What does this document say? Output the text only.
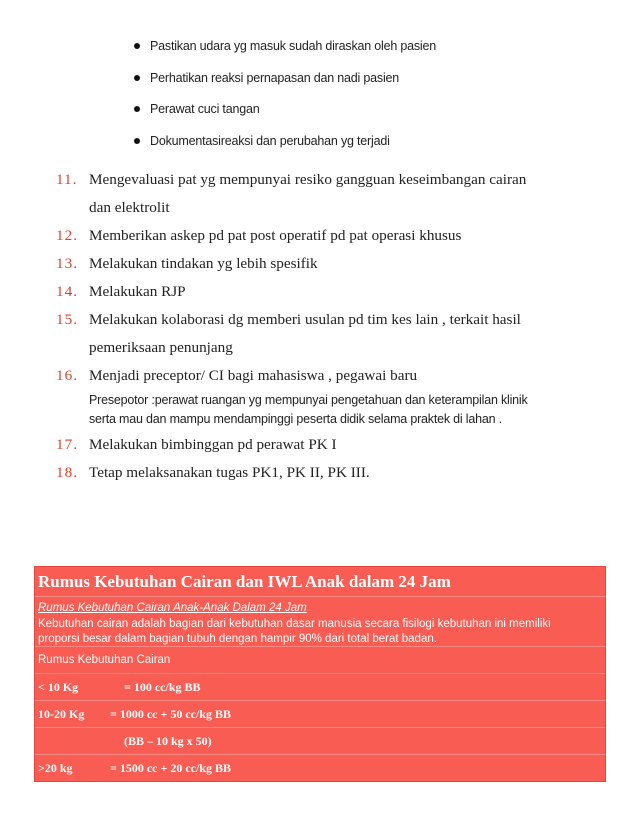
Pastikan udara yg masuk sudah diraskan oleh pasien
Perhatikan reaksi pernapasan dan nadi pasien
Perawat cuci tangan
Dokumentasireaksi dan perubahan yg terjadi
11. Mengevaluasi pat yg mempunyai resiko gangguan keseimbangan cairan
dan elektrolit
12. Memberikan askep pd pat post operatif pd pat operasi khusus
13. Melakukan tindakan yg lebih spesifik
14. Melakukan RJP
15. Melakukan kolaborasi dg memberi usulan pd tim kes lain , terkait hasil
pemeriksaan penunjang
16. Menjadi preceptor/ CI bagi mahasiswa , pegawai baru
Presepotor :perawat ruangan yg mempunyai pengetahuan dan keterampilan klinik
serta mau dan mampu mendampinggi peserta didik selama praktek di lahan .
17. Melakukan bimbinggan pd perawat PK I
18. Tetap melaksanakan tugas PK1, PK II, PK III.
Rumus Kebutuhan Cairan dan IWL Anak dalam 24 Jam
Rumus Kebutuhan Cairan Anak-Anak Dalam 24 Jam
Kebutuhan cairan adalah bagian dari kebutuhan dasar manusia secara fisilogi kebutuhan ini memiliki
proporsi besar dalam bagian tubuh dengan hampir 90% dari total berat badan.
Rumus Kebutuhan Cairan
< 10 Kg	= 100 cc/kg BB
10-20 Kg = 1000 cc + 50 cc/kg BB
(BB – 10 kg x 50)
>20 kg	= 1500 cc + 20 cc/kg BB
